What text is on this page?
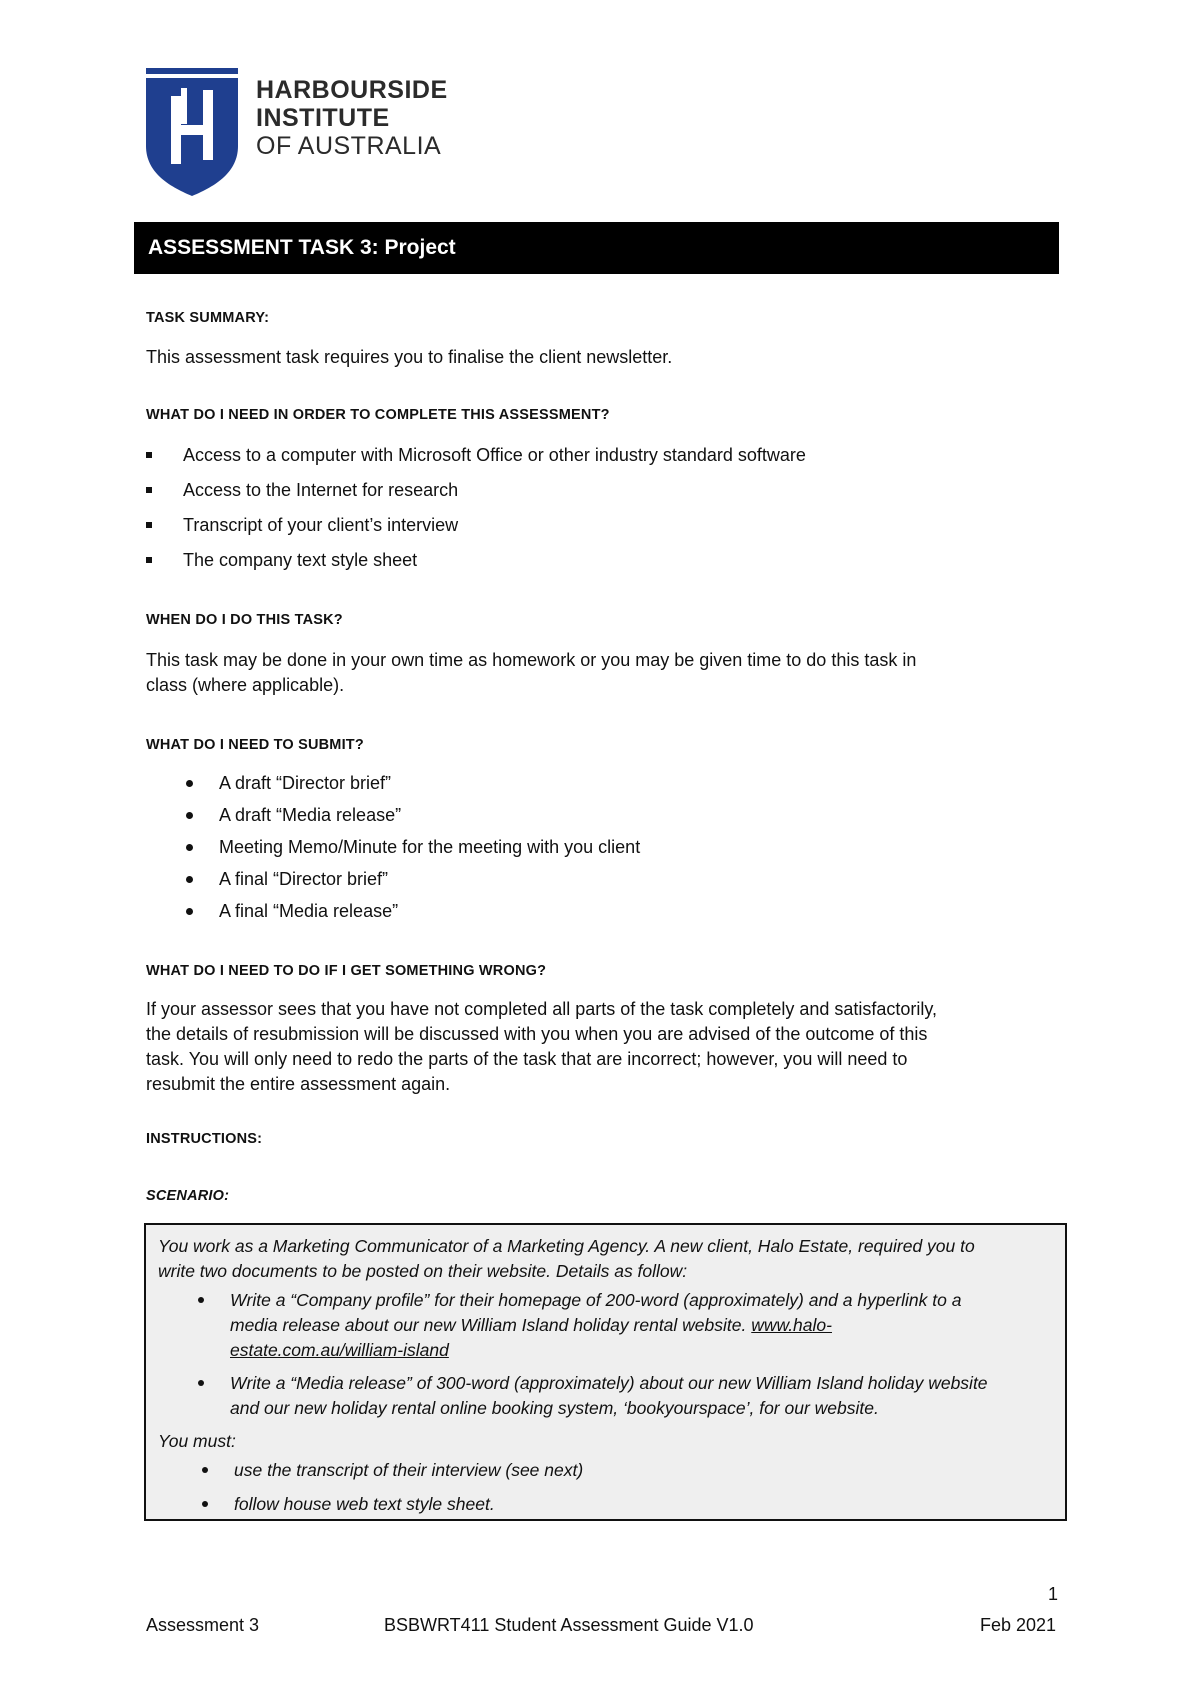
HARBOURSIDE
INSTITUTE
OF AUSTRALIA
ASSESSMENT TASK 3: Project

TASK SUMMARY:

This assessment task requires you to finalise the client newsletter.

WHAT DO I NEED IN ORDER TO COMPLETE THIS ASSESSMENT?

Access to a computer with Microsoft Office or other industry standard software
Access to the Internet for research
Transcript of your client’s interview
The company text style sheet

WHEN DO I DO THIS TASK?

This task may be done in your own time as homework or you may be given time to do this task in

class (where applicable).

WHAT DO I NEED TO SUBMIT?

A draft “Director brief”
A draft “Media release”
Meeting Memo/Minute for the meeting with you client
A final “Director brief”
A final “Media release”

WHAT DO I NEED TO DO IF I GET SOMETHING WRONG?

If your assessor sees that you have not completed all parts of the task completely and satisfactorily,

the details of resubmission will be discussed with you when you are advised of the outcome of this

task. You will only need to redo the parts of the task that are incorrect; however, you will need to

resubmit the entire assessment again.

INSTRUCTIONS:

SCENARIO:

You work as a Marketing Communicator of a Marketing Agency. A new client, Halo Estate, required you to
write two documents to be posted on their website. Details as follow:
Write a “Company profile” for their homepage of 200-word (approximately) and a hyperlink to a
media release about our new William Island holiday rental website. www.halo-
estate.com.au/william-island
Write a “Media release” of 300-word (approximately) about our new William Island holiday website
and our new holiday rental online booking system, ‘bookyourspace’, for our website.
You must:
use the transcript of their interview (see next)
follow house web text style sheet.
1
Assessment 3	BSBWRT411 Student Assessment Guide V1.0	Feb 2021
